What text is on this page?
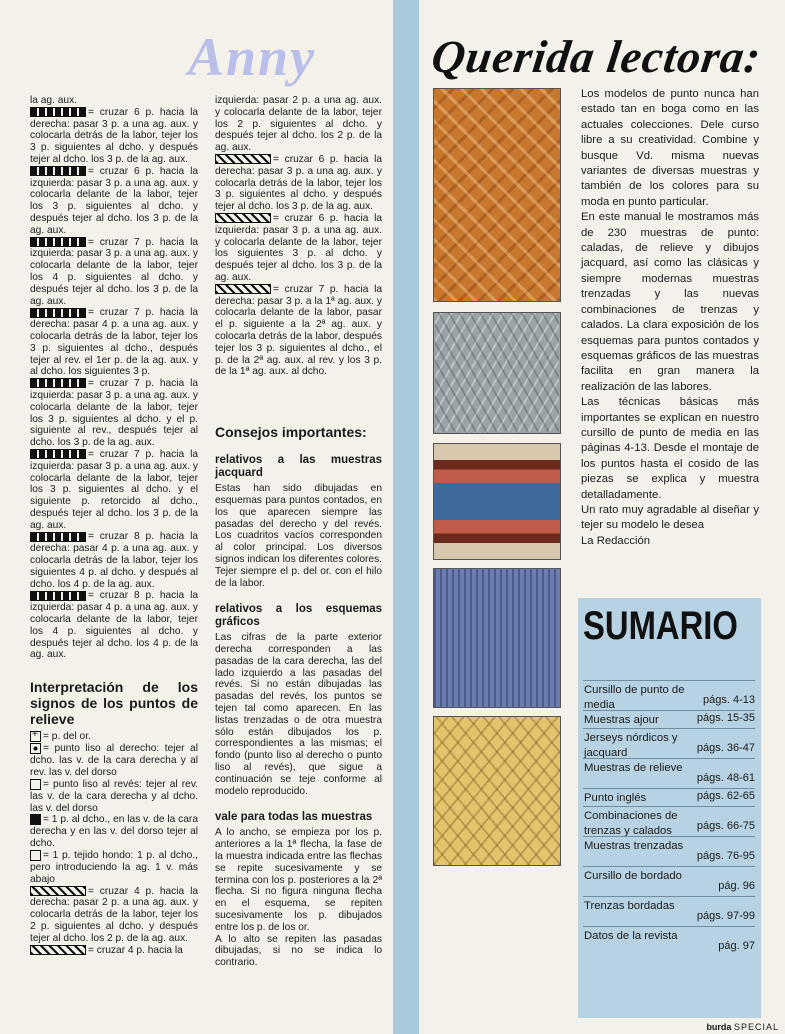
Anny Querida lectora:

la ag. aux.

= cruzar 6 p. hacia la derecha: pasar 3 p. a una ag. aux. y colocarla detrás de la labor, tejer los 3 p. siguientes al dcho. y después tejer al dcho. los 3 p. de la ag. aux.

= cruzar 6 p. hacia la izquierda: pasar 3 p. a una ag. aux. y colocarla delante de la labor, tejer los 3 p. siguientes al dcho. y después tejer al dcho. los 3 p. de la ag. aux.

= cruzar 7 p. hacia la izquierda: pasar 3 p. a una ag. aux. y colocarla delante de la labor, tejer los 4 p. siguientes al dcho. y después tejer al dcho. los 3 p. de la ag. aux.

= cruzar 7 p. hacia la derecha: pasar 4 p. a una ag. aux. y colocarla detrás de la labor, tejer los 3 p. siguientes al dcho., después tejer al rev. el 1er p. de la ag. aux. y al dcho. los siguientes 3 p.

= cruzar 7 p. hacia la izquierda: pasar 3 p. a una ag. aux. y colocarla delante de la labor, tejer los 3 p. siguientes al dcho. y el p. siguiente al rev., después tejer al dcho. los 3 p. de la ag. aux.

= cruzar 7 p. hacia la izquierda: pasar 3 p. a una ag. aux. y colocarla delante de la labor, tejer los 3 p. siguientes al dcho. y el siguiente p. retorcido al dcho., después tejer al dcho. los 3 p. de la ag. aux.

= cruzar 8 p. hacia la derecha: pasar 4 p. a una ag. aux. y colocarla detrás de la labor, tejer los siguientes 4 p. al dcho. y después al dcho. los 4 p. de la ag. aux.

= cruzar 8 p. hacia la izquierda: pasar 4 p. a una ag. aux. y colocarla delante de la labor, tejer los 4 p. siguientes al dcho. y después tejer al dcho. los 4 p. de la ag. aux.

Interpretación de los signos de los puntos de relieve

+= p. del or.

= punto liso al derecho: tejer al dcho. las v. de la cara derecha y al rev. las v. del dorso

= punto liso al revés: tejer al rev. las v. de la cara derecha y al dcho. las v. del dorso

= 1 p. al dcho., en las v. de la cara derecha y en las v. del dorso tejer al dcho.

= 1 p. tejido hondo: 1 p. al dcho., pero introduciendo la ag. 1 v. más abajo

= cruzar 4 p. hacia la derecha: pasar 2 p. a una ag. aux. y colocarla detrás de la labor, tejer los 2 p. siguientes al dcho. y después tejer al dcho. los 2 p. de la ag. aux.

= cruzar 4 p. hacia la

izquierda: pasar 2 p. a una ag. aux. y colocarla delante de la labor, tejer los 2 p. siguientes al dcho. y después tejer al dcho. los 2 p. de la ag. aux.

= cruzar 6 p. hacia la derecha: pasar 3 p. a una ag. aux. y colocarla detrás de la labor, tejer los 3 p. siguientes al dcho. y después tejer al dcho. los 3 p. de la ag. aux.

= cruzar 6 p. hacia la izquierda: pasar 3 p. a una ag. aux. y colocarla delante de la labor, tejer los siguientes 3 p. al dcho. y después tejer al dcho. los 3 p. de la ag. aux.

= cruzar 7 p. hacia la derecha: pasar 3 p. a la 1ª ag. aux. y colocarla delante de la labor, pasar el p. siguiente a la 2ª ag. aux. y colocarla detrás de la labor, después tejer los 3 p. siguientes al dcho., el p. de la 2ª ag. aux. al rev. y los 3 p. de la 1ª ag. aux. al dcho.

Consejos importantes:
relativos a las muestras jacquard

Estas han sido dibujadas en esquemas para puntos contados, en los que aparecen siempre las pasadas del derecho y del revés. Los cuadritos vacíos corresponden al color principal. Los diversos signos indican los diferentes colores. Tejer siempre el p. del or. con el hilo de la labor.

relativos a los esquemas gráficos

Las cifras de la parte exterior derecha corresponden a las pasadas de la cara derecha, las del lado izquierdo a las pasadas del revés. Si no están dibujadas las pasadas del revés, los puntos se tejen tal como aparecen. En las listas trenzadas o de otra muestra sólo están dibujados los p. correspondientes a las mismas; el fondo (punto liso al derecho o punto liso al revés), que sigue a continuación se teje conforme al modelo reproducido.

vale para todas las muestras

A lo ancho, se empieza por los p. anteriores a la 1ª flecha, la fase de la muestra indicada entre las flechas se repite sucesivamente y se termina con los p. posteriores a la 2ª flecha. Si no figura ninguna flecha en el esquema, se repiten sucesivamente los p. dibujados entre los p. de los or.

A lo alto se repiten las pasadas dibujadas, si no se indica lo contrario.

Los modelos de punto nunca han estado tan en boga como en las actuales colecciones. Dele curso libre a su creatividad. Combine y busque Vd. misma nuevas variantes de diversas muestras y también de los colores para su moda en punto particular.

En este manual le mostramos más de 230 muestras de punto: caladas, de relieve y dibujos jacquard, así como las clásicas y siempre modernas muestras trenzadas y las nuevas combinaciones de trenzas y calados. La clara exposición de los esquemas para puntos contados y esquemas gráficos de las muestras facilita en gran manera la realización de las labores.

Las técnicas básicas más importantes se explican en nuestro cursillo de punto de media en las páginas 4-13. Desde el montaje de los puntos hasta el cosido de las piezas se explica y muestra detalladamente.

Un rato muy agradable al diseñar y tejer su modelo le desea

La Redacción

SUMARIO
Cursillo de punto de media	págs. 4-13
Muestras ajour	págs. 15-35
Jerseys nórdicos y jacquard	págs. 36-47
Muestras de relieve
págs. 48-61
Punto inglés	págs. 62-65
Combinaciones de trenzas y calados	págs. 66-75
Muestras trenzadas
págs. 76-95
Cursillo de bordado
pág. 96
Trenzas bordadas
págs. 97-99
Datos de la revista
pág. 97
burda SPECIAL
